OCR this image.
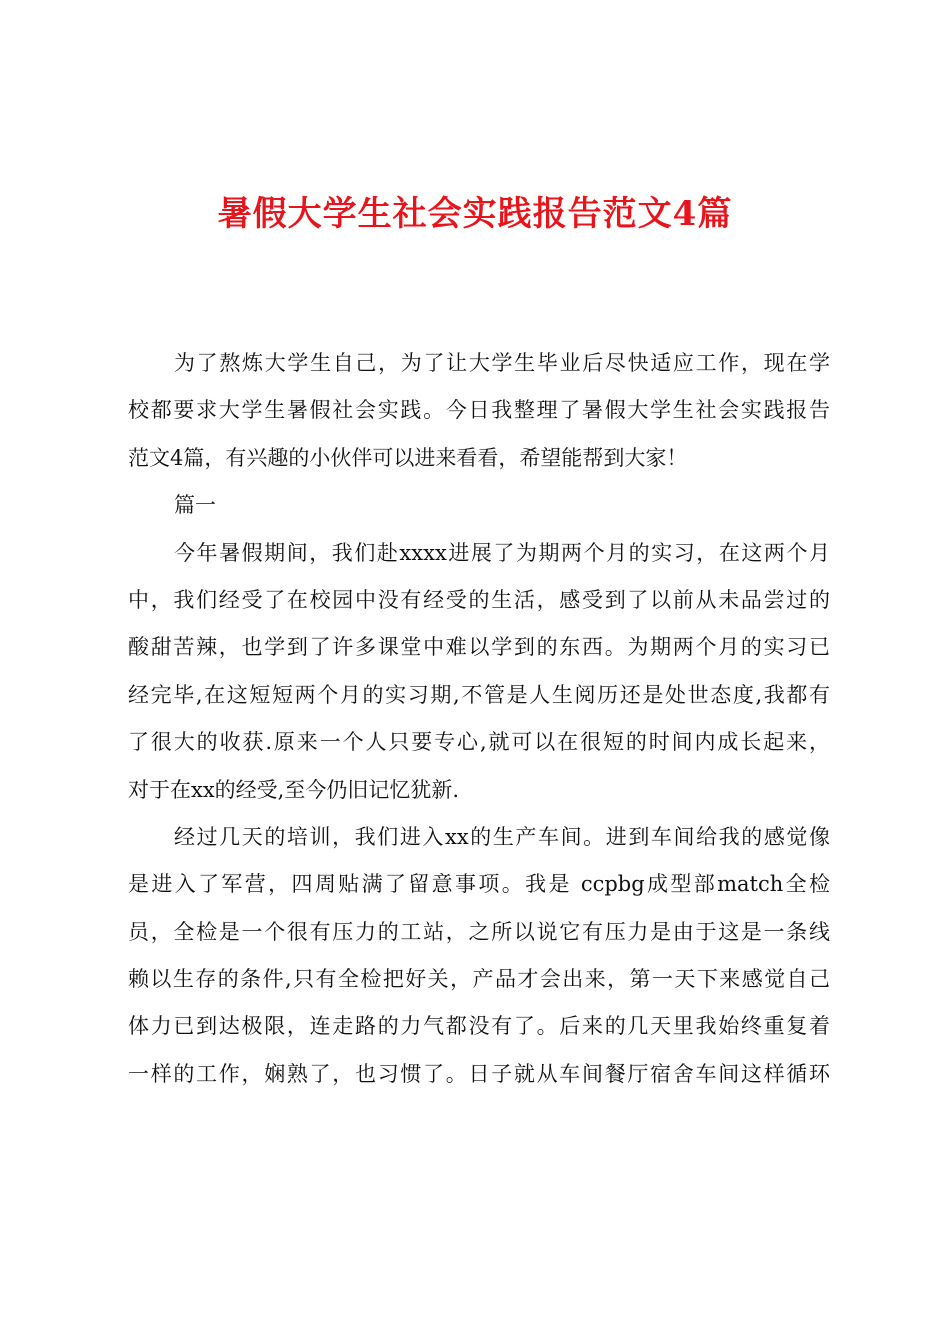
暑假大学生社会实践报告范文4篇
为了熬炼大学生自己，为了让大学生毕业后尽快适应工作，现在学
校都要求大学生暑假社会实践。今日我整理了暑假大学生社会实践报告
范文4篇，有兴趣的小伙伴可以进来看看，希望能帮到大家！
篇一
今年暑假期间，我们赴xxxx进展了为期两个月的实习，在这两个月
中，我们经受了在校园中没有经受的生活，感受到了以前从未品尝过的
酸甜苦辣，也学到了许多课堂中难以学到的东西。为期两个月的实习已
经完毕,在这短短两个月的实习期,不管是人生阅历还是处世态度,我都有
了很大的收获.原来一个人只要专心,就可以在很短的时间内成长起来，
对于在xx的经受,至今仍旧记忆犹新.
经过几天的培训，我们进入xx的生产车间。进到车间给我的感觉像
是进入了军营，四周贴满了留意事项。我是 ccpbg成型部match全检
员，全检是一个很有压力的工站，之所以说它有压力是由于这是一条线
赖以生存的条件,只有全检把好关，产品才会出来，第一天下来感觉自己
体力已到达极限，连走路的力气都没有了。后来的几天里我始终重复着
一样的工作，娴熟了，也习惯了。日子就从车间餐厅宿舍车间这样循环
